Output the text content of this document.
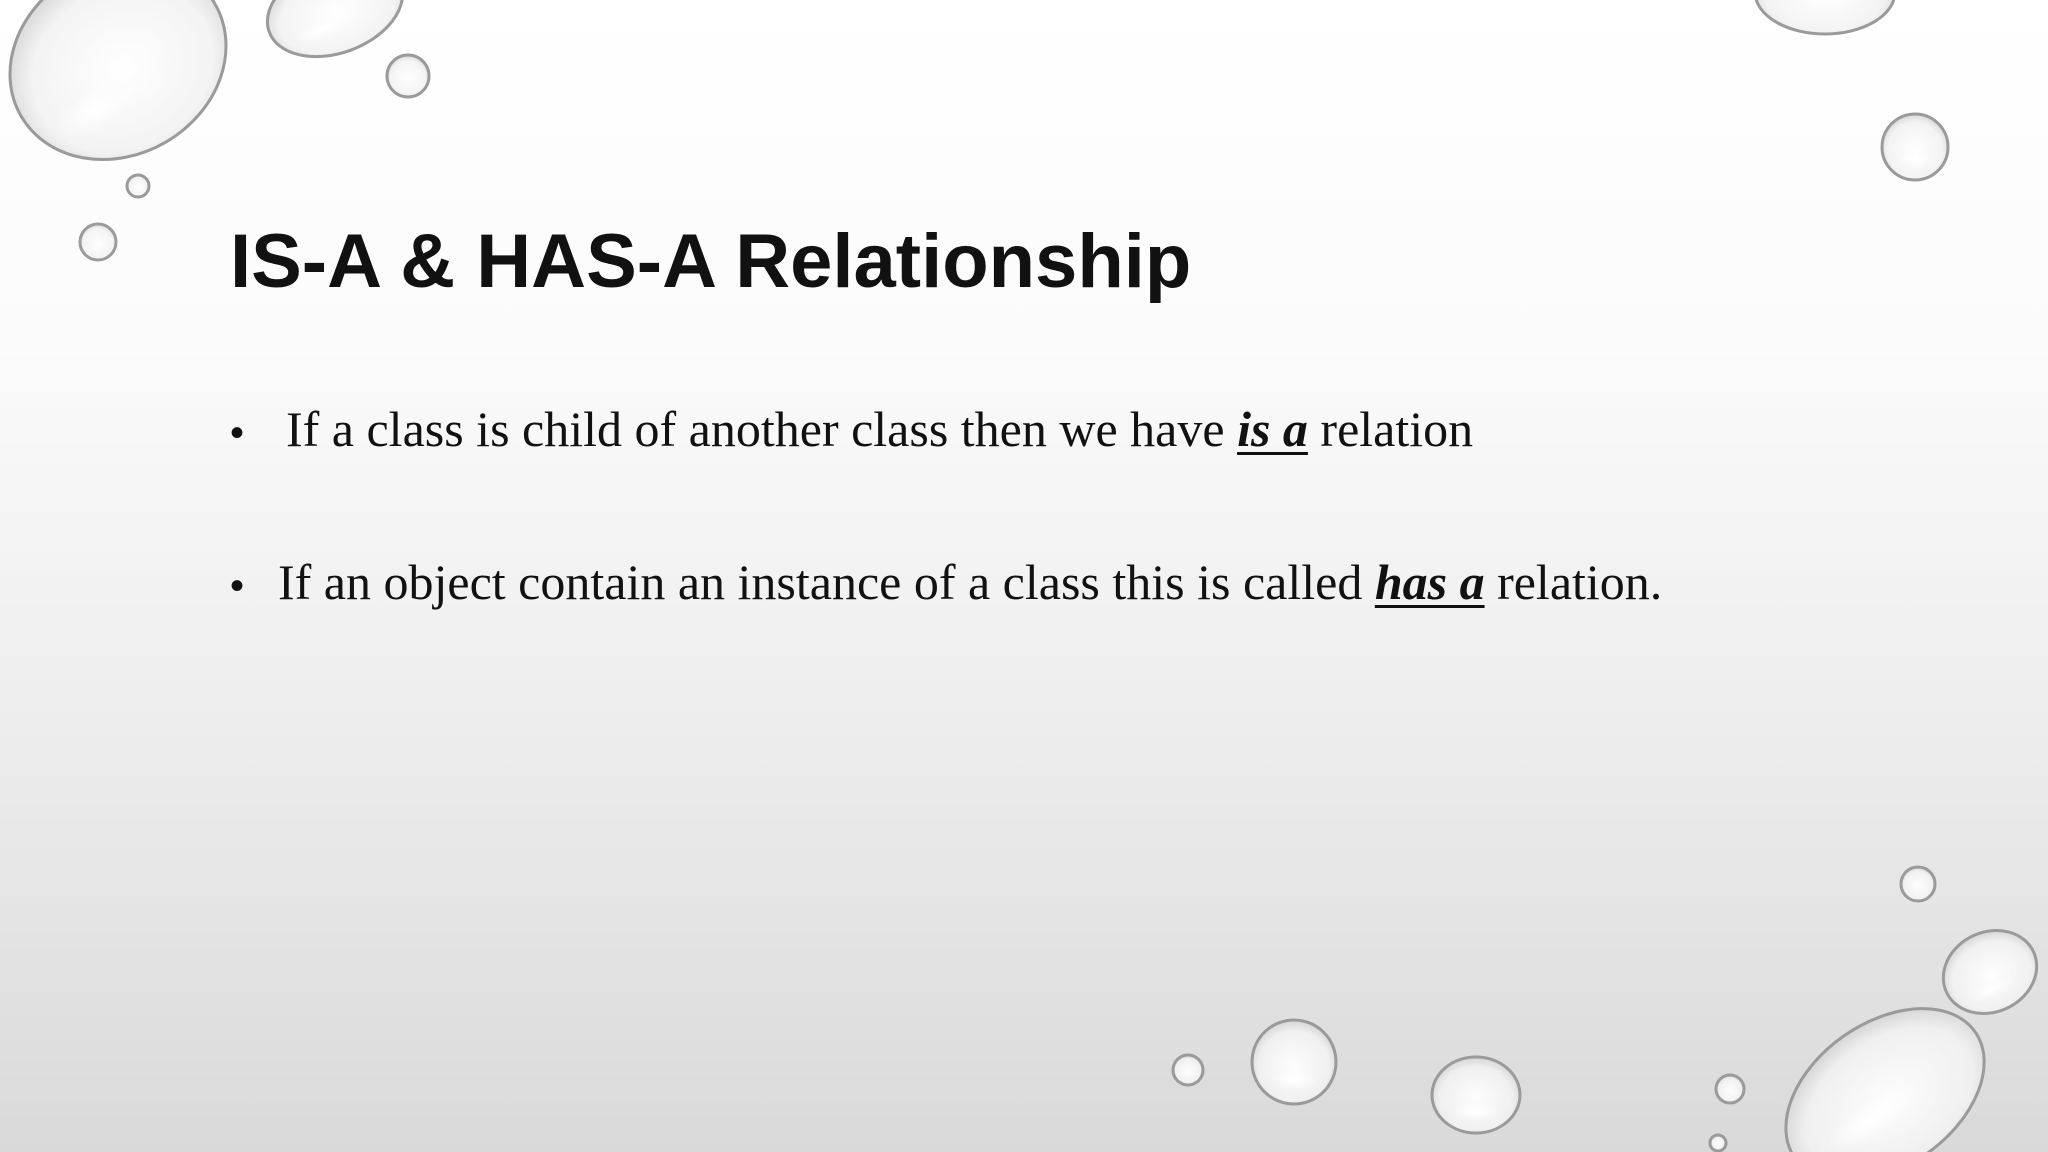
IS-A & HAS-A Relationship
• If a class is child of another class then we have is a relation
• If an object contain an instance of a class this is called has a relation.
